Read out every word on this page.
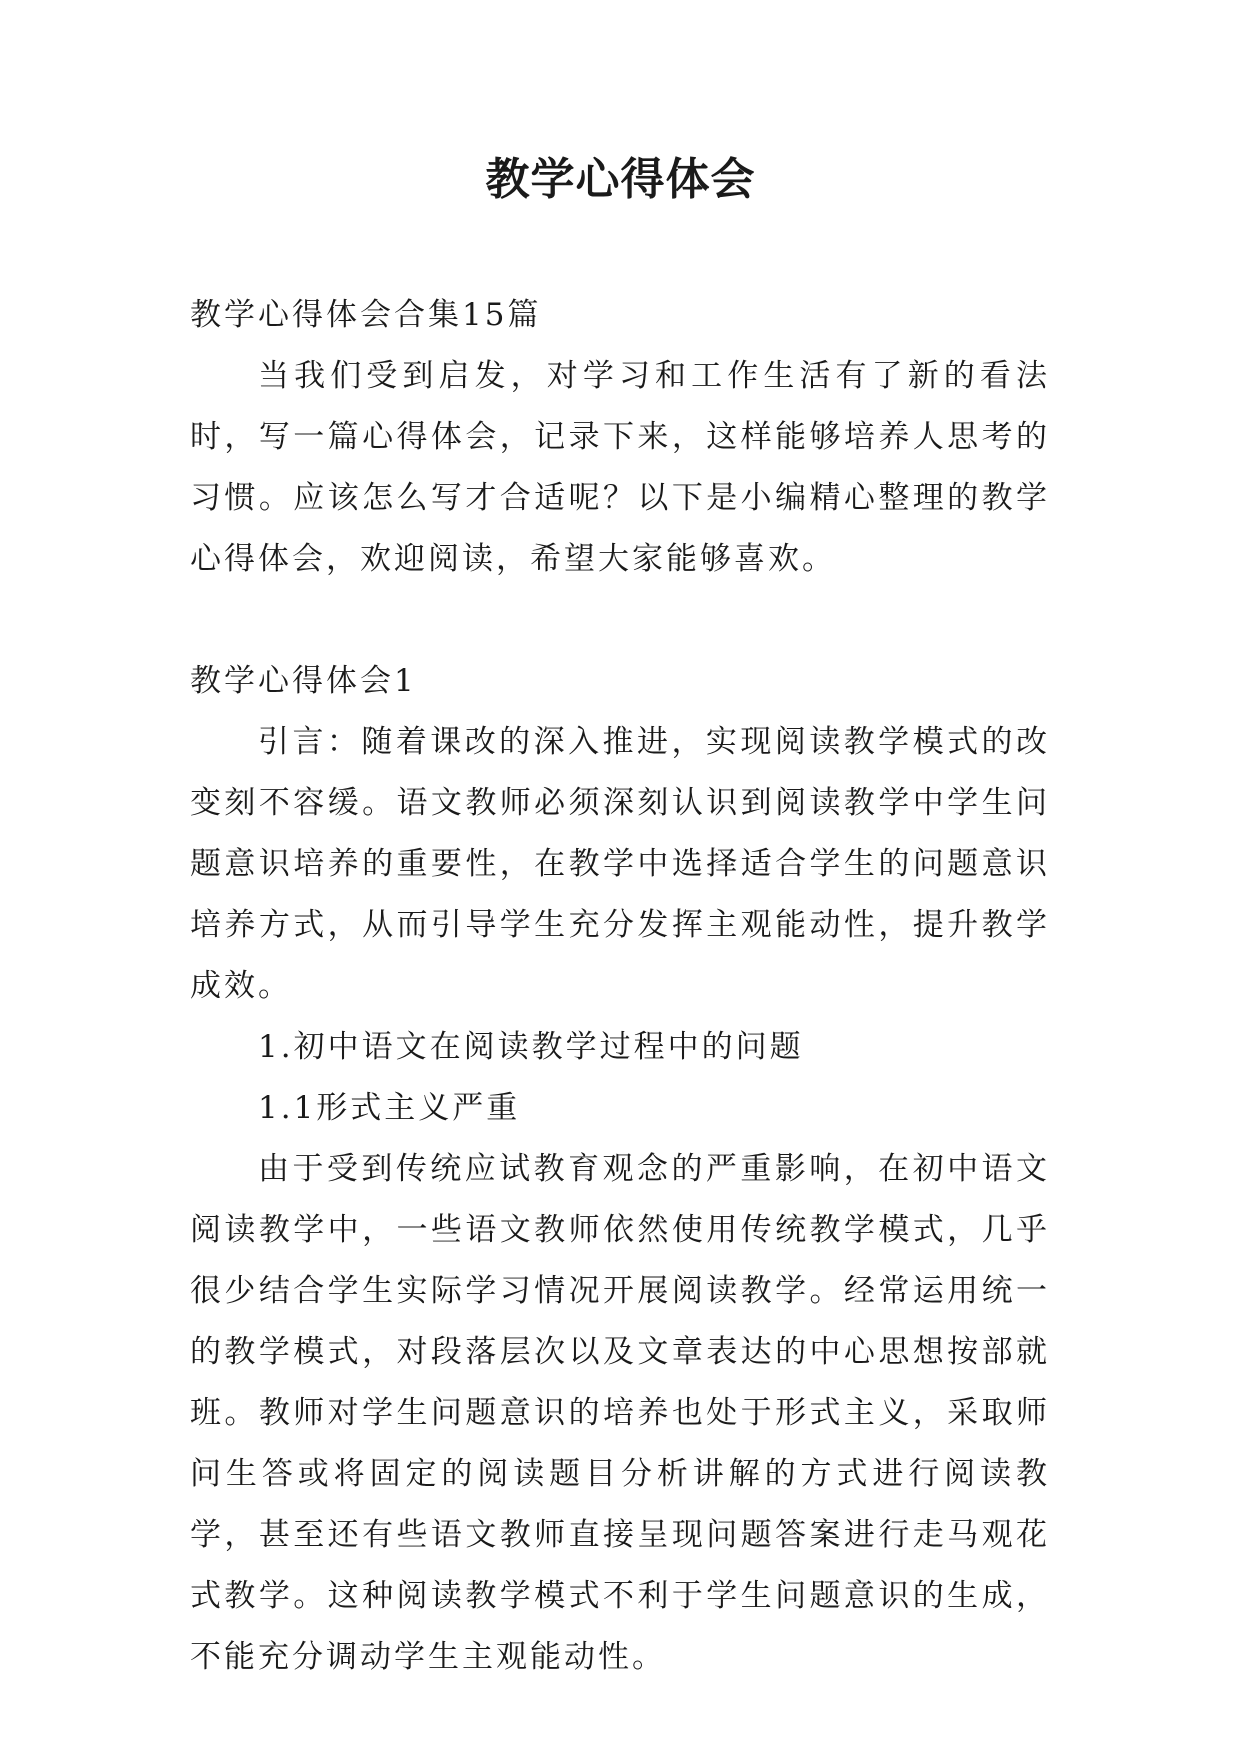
教学心得体会

教学心得体会合集15篇

当我们受到启发，对学习和工作生活有了新的看法时，写一篇心得体会，记录下来，这样能够培养人思考的习惯。应该怎么写才合适呢？以下是小编精心整理的教学心得体会，欢迎阅读，希望大家能够喜欢。

教学心得体会1

引言：随着课改的深入推进，实现阅读教学模式的改变刻不容缓。语文教师必须深刻认识到阅读教学中学生问题意识培养的重要性，在教学中选择适合学生的问题意识培养方式，从而引导学生充分发挥主观能动性，提升教学成效。

1.初中语文在阅读教学过程中的问题

1.1形式主义严重

由于受到传统应试教育观念的严重影响，在初中语文阅读教学中，一些语文教师依然使用传统教学模式，几乎很少结合学生实际学习情况开展阅读教学。经常运用统一的教学模式，对段落层次以及文章表达的中心思想按部就班。教师对学生问题意识的培养也处于形式主义，采取师问生答或将固定的阅读题目分析讲解的方式进行阅读教学，甚至还有些语文教师直接呈现问题答案进行走马观花式教学。这种阅读教学模式不利于学生问题意识的生成，不能充分调动学生主观能动性。
